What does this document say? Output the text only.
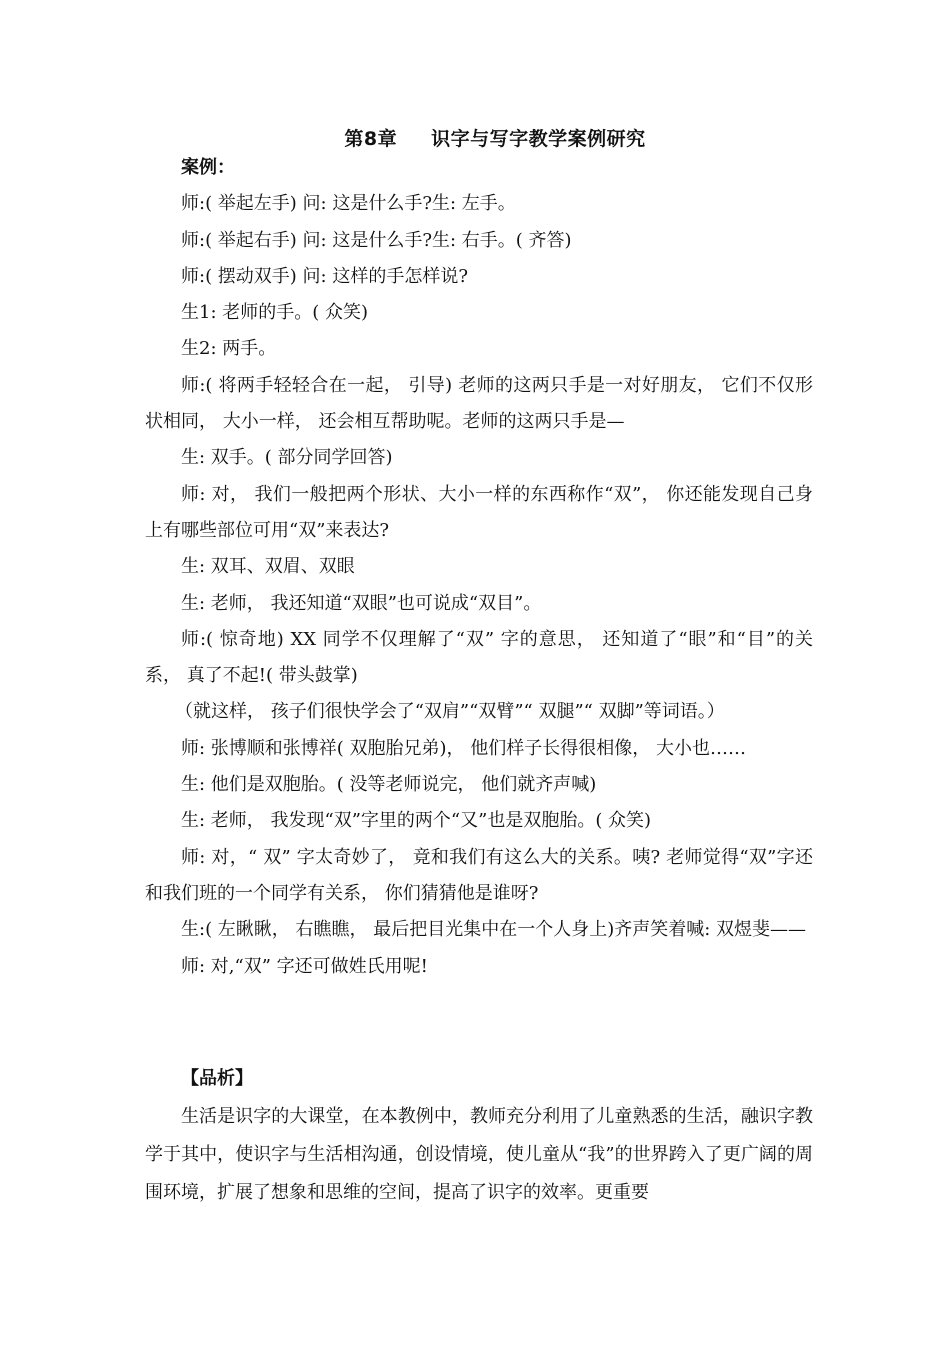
第8章 识字与写字教学案例研究

案例：

师:( 举起左手) 问: 这是什么手?生: 左手。

师:( 举起右手) 问: 这是什么手?生: 右手。( 齐答)

师:( 摆动双手) 问: 这样的手怎样说?

生1: 老师的手。( 众笑)

生2: 两手。

师:( 将两手轻轻合在一起， 引导) 老师的这两只手是一对好朋友， 它们不仅形状相同， 大小一样， 还会相互帮助呢。老师的这两只手是—

生: 双手。( 部分同学回答)

师: 对， 我们一般把两个形状、大小一样的东西称作“双”， 你还能发现自己身上有哪些部位可用“双”来表达?

生: 双耳、双眉、双眼

生: 老师， 我还知道“双眼”也可说成“双目”。

师:( 惊奇地) XX 同学不仅理解了“双” 字的意思， 还知道了“眼”和“目”的关系， 真了不起!( 带头鼓掌)

（就这样， 孩子们很快学会了“双肩”“双臂”“ 双腿”“ 双脚”等词语。）

师: 张博顺和张博祥( 双胞胎兄弟)， 他们样子长得很相像， 大小也……

生: 他们是双胞胎。( 没等老师说完， 他们就齐声喊)

生: 老师， 我发现“双”字里的两个“又”也是双胞胎。( 众笑)

师: 对，“ 双” 字太奇妙了， 竟和我们有这么大的关系。咦? 老师觉得“双”字还和我们班的一个同学有关系， 你们猜猜他是谁呀?

生:( 左瞅瞅， 右瞧瞧， 最后把目光集中在一个人身上)齐声笑着喊: 双煜斐——

师: 对,“双” 字还可做姓氏用呢!

【品析】

生活是识字的大课堂，在本教例中，教师充分利用了儿童熟悉的生活，融识字教学于其中，使识字与生活相沟通，创设情境，使儿童从“我”的世界跨入了更广阔的周围环境，扩展了想象和思维的空间，提高了识字的效率。更重要
